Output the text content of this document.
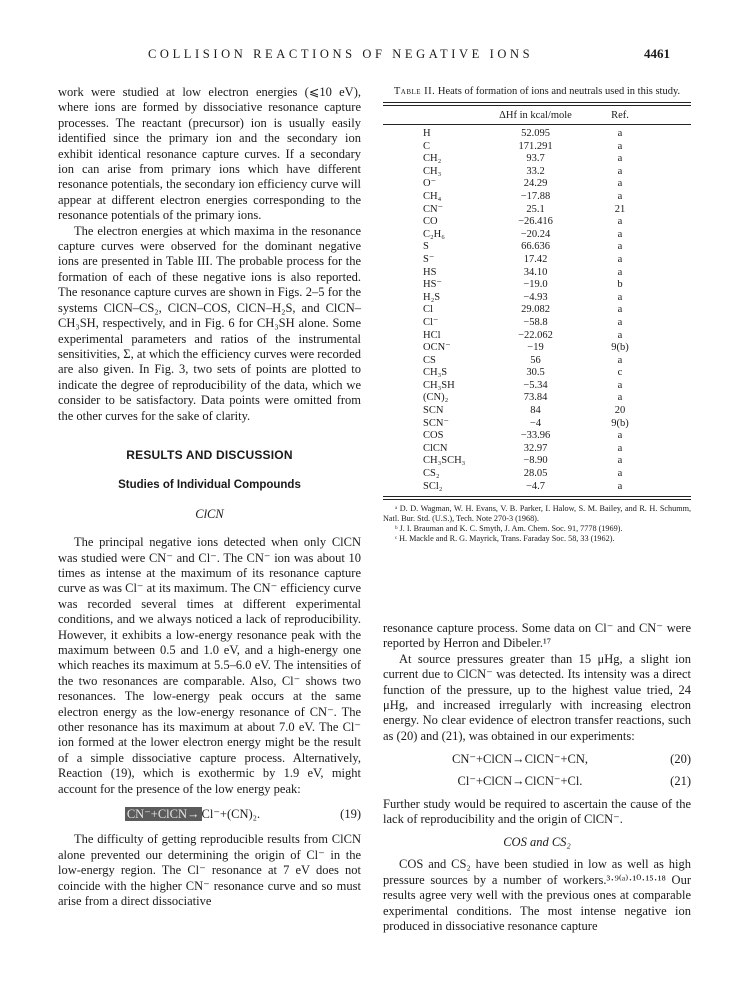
COLLISION REACTIONS OF NEGATIVE IONS	4461

work were studied at low electron energies (⩽10 eV), where ions are formed by dissociative resonance capture processes. The reactant (precursor) ion is usually easily identified since the primary ion and the secondary ion exhibit identical resonance capture curves. If a secondary ion can arise from primary ions which have different resonance potentials, the secondary ion efficiency curve will appear at different electron energies corresponding to the resonance potentials of the primary ions.

The electron energies at which maxima in the resonance capture curves were observed for the dominant negative ions are presented in Table III. The probable process for the formation of each of these negative ions is also reported. The resonance capture curves are shown in Figs. 2–5 for the systems ClCN–CS₂, ClCN–COS, ClCN–H₂S, and ClCN–CH₃SH, respectively, and in Fig. 6 for CH₃SH alone. Some experimental parameters and ratios of the instrumental sensitivities, Σ, at which the efficiency curves were recorded are also given. In Fig. 3, two sets of points are plotted to indicate the degree of reproducibility of the data, which we consider to be satisfactory. Data points were omitted from the other curves for the sake of clarity.

RESULTS AND DISCUSSION
Studies of Individual Compounds
ClCN

The principal negative ions detected when only ClCN was studied were CN⁻ and Cl⁻. The CN⁻ ion was about 10 times as intense at the maximum of its resonance capture curve as was Cl⁻ at its maximum. The CN⁻ efficiency curve was recorded several times at different experimental conditions, and we always noticed a lack of reproducibility. However, it exhibits a low-energy resonance peak with the maximum between 0.5 and 1.0 eV, and a high-energy one which reaches its maximum at 5.5–6.0 eV. The intensities of the two resonances are comparable. Also, Cl⁻ shows two resonances. The low-energy peak occurs at the same electron energy as the low-energy resonance of CN⁻. The other resonance has its maximum at about 7.0 eV. The Cl⁻ ion formed at the lower electron energy might be the result of a simple dissociative capture process. Alternatively, Reaction (19), which is exothermic by 1.9 eV, might account for the presence of the low energy peak:

CN⁻+ClCN→ Cl⁻+(CN)₂.	(19)

The difficulty of getting reproducible results from ClCN alone prevented our determining the origin of Cl⁻ in the low-energy region. The Cl⁻ resonance at 7 eV does not coincide with the higher CN⁻ resonance curve and so must arise from a direct dissociative

Table II. Heats of formation of ions and neutrals used in this study.
ΔHf in kcal/mole	Ref.
H	52.095	a
C	171.291	a
CH₂	93.7	a
CH₃	33.2	a
O⁻	24.29	a
CH₄	−17.88	a
CN⁻	25.1	21
CO	−26.416	a
C₂H₆	−20.24	a
S	66.636	a
S⁻	17.42	a
HS	34.10	a
HS⁻	−19.0	b
H₂S	−4.93	a
Cl	29.082	a
Cl⁻	−58.8	a
HCl	−22.062	a
OCN⁻	−19	9(b)
CS	56	a
CH₃S	30.5	c
CH₃SH	−5.34	a
(CN)₂	73.84	a
SCN	84	20
SCN⁻	−4	9(b)
COS	−33.96	a
ClCN	32.97	a
CH₃SCH₃	−8.90	a
CS₂	28.05	a
SCl₂	−4.7	a

ᵃ D. D. Wagman, W. H. Evans, V. B. Parker, I. Halow, S. M. Bailey, and R. H. Schumm, Natl. Bur. Std. (U.S.), Tech. Note 270-3 (1968).

ᵇ J. I. Brauman and K. C. Smyth, J. Am. Chem. Soc. 91, 7778 (1969).

ᶜ H. Mackle and R. G. Mayrick, Trans. Faraday Soc. 58, 33 (1962).

resonance capture process. Some data on Cl⁻ and CN⁻ were reported by Herron and Dibeler.¹⁷

At source pressures greater than 15 μHg, a slight ion current due to ClCN⁻ was detected. Its intensity was a direct function of the pressure, up to the highest value tried, 24 μHg, and increased irregularly with increasing electron energy. No clear evidence of electron transfer reactions, such as (20) and (21), was obtained in our experiments:

CN⁻+ClCN→ClCN⁻+CN,	(20)
Cl⁻+ClCN→ClCN⁻+Cl.	(21)

Further study would be required to ascertain the cause of the lack of reproducibility and the origin of ClCN⁻.

COS and CS₂

COS and CS₂ have been studied in low as well as high pressure sources by a number of workers.³·⁹⁽ᵃ⁾·¹⁰·¹⁵·¹⁸ Our results agree very well with the previous ones at comparable experimental conditions. The most intense negative ion produced in dissociative resonance capture
